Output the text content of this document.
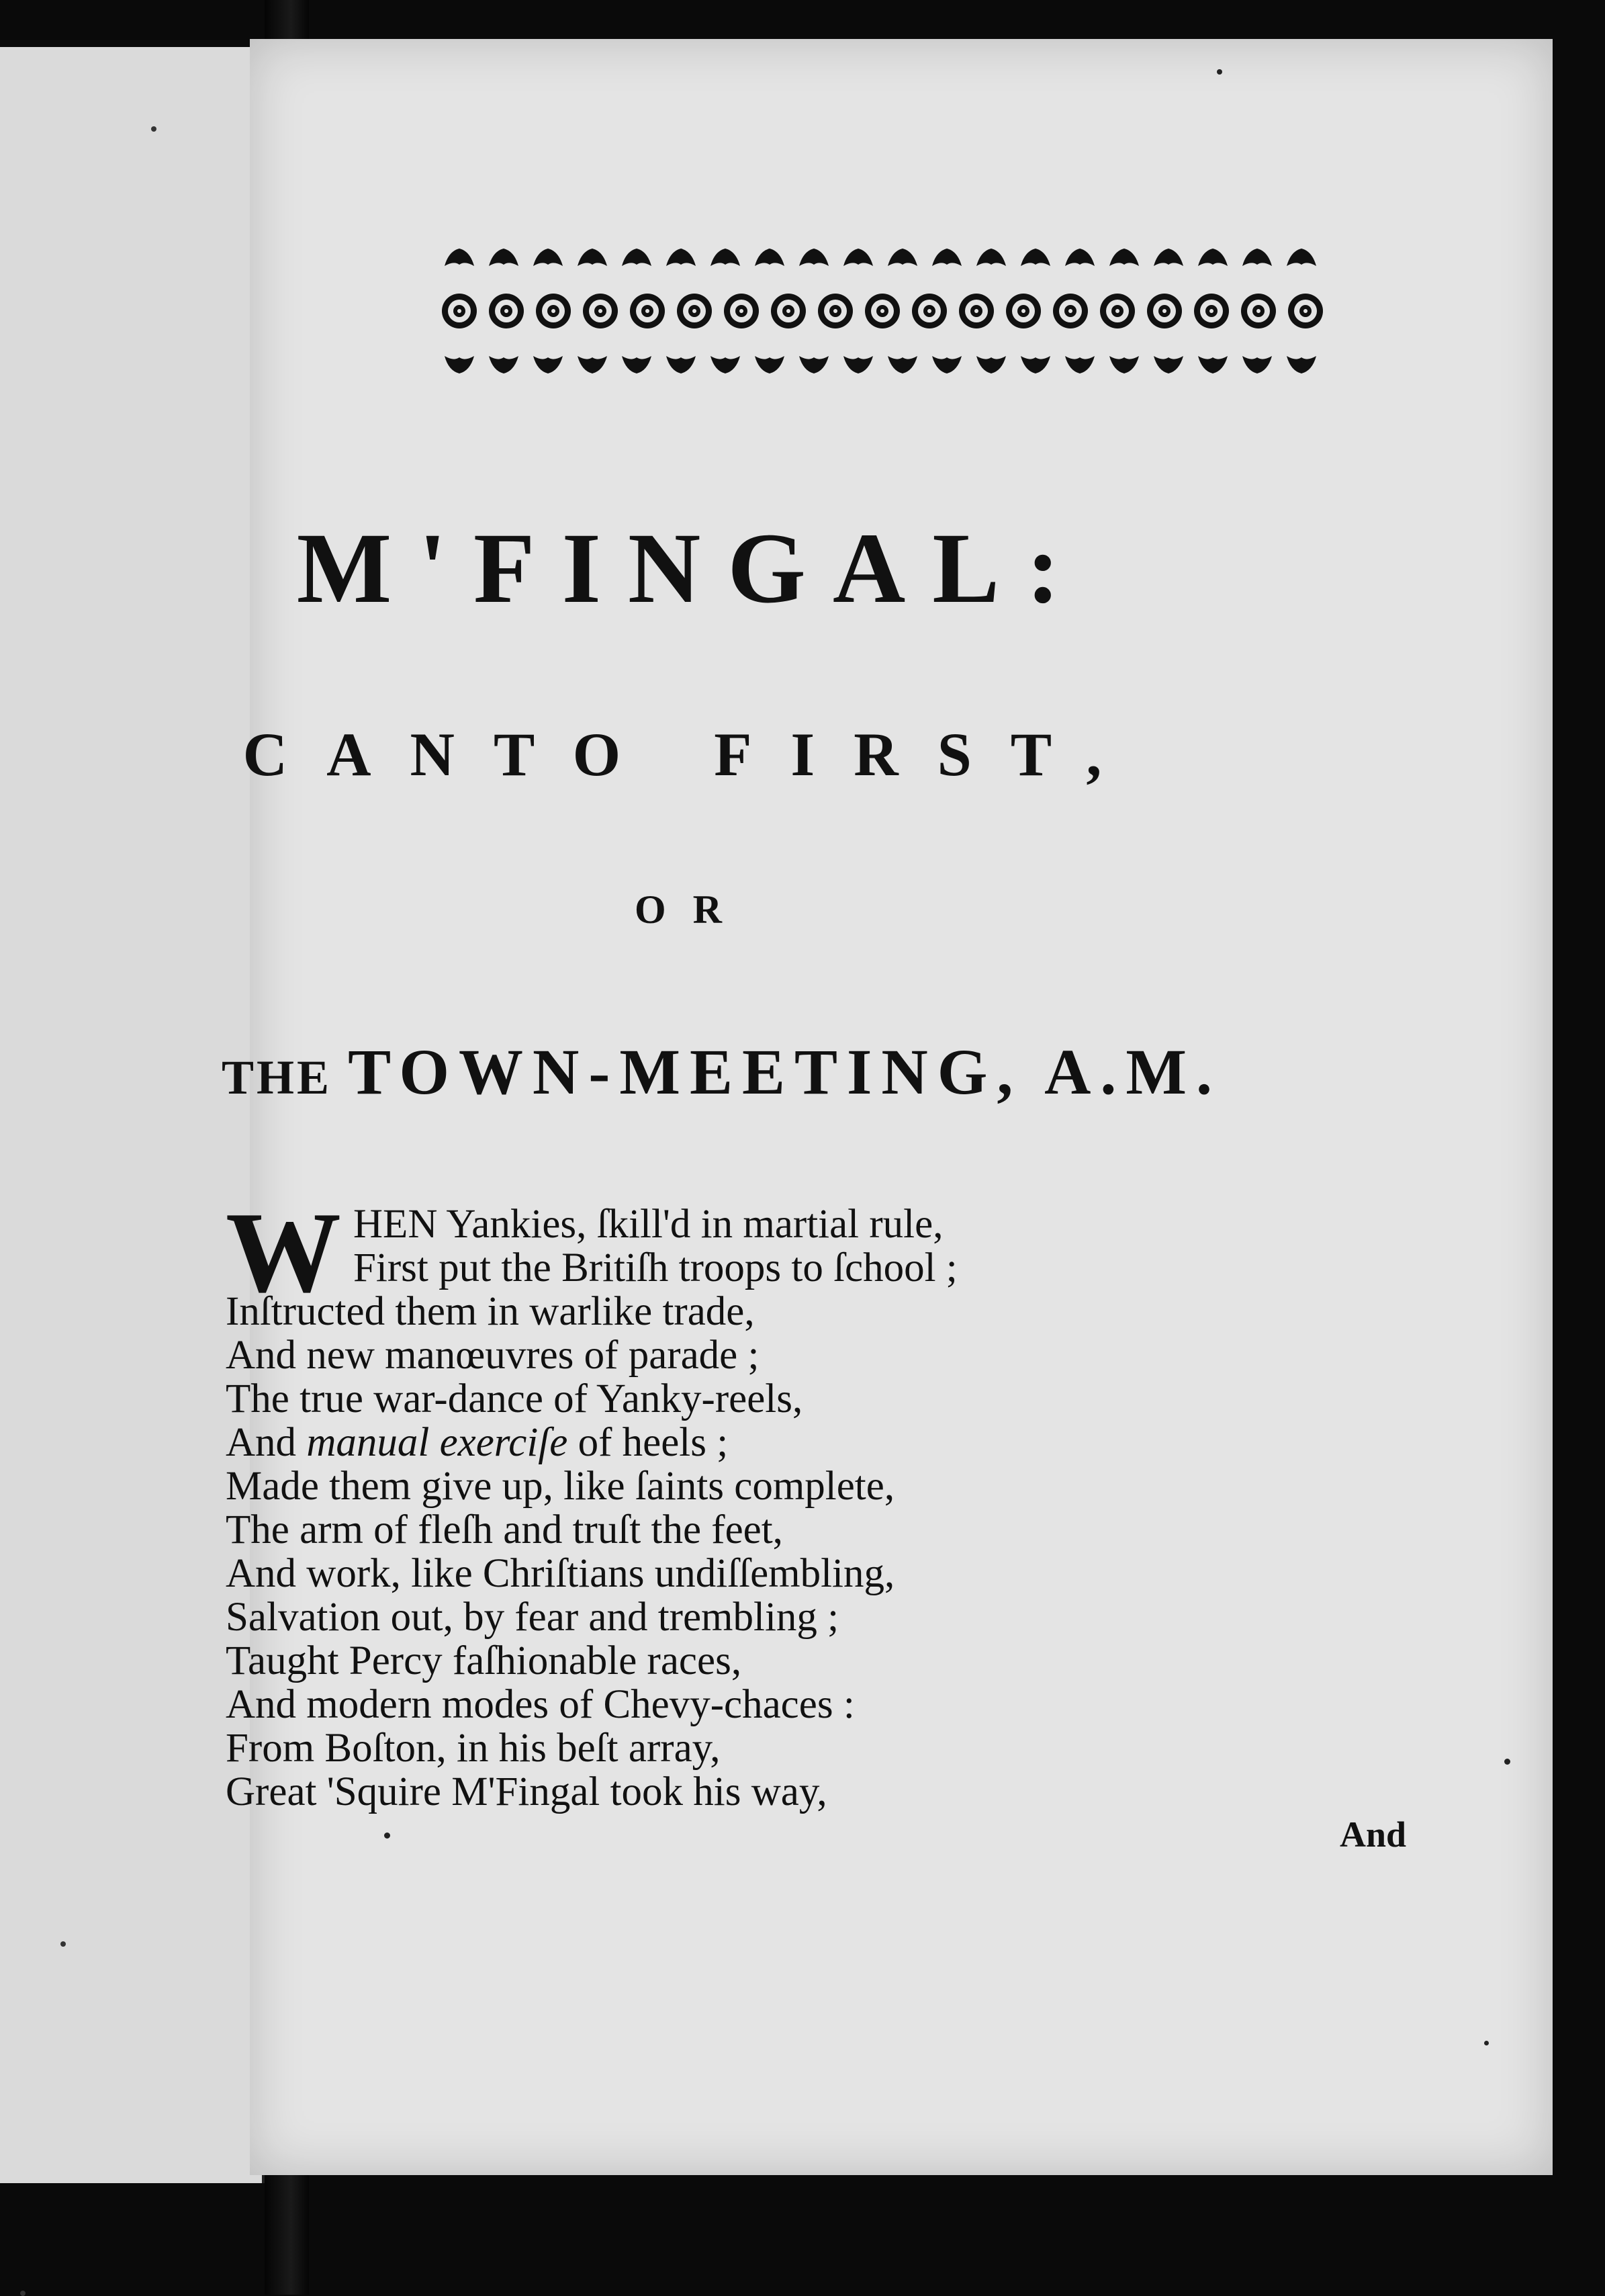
M'FINGAL:
CANTO FIRST,
OR
THE TOWN-MEETING, A.M.
W HEN Yankies, ſkill'd in martial rule,
First put the Britiſh troops to ſchool ;
Inſtructed them in warlike trade,
And new manœuvres of parade ;
The true war-dance of Yanky-reels,
And manual exerciſe of heels ;
Made them give up, like ſaints complete,
The arm of fleſh and truſt the feet,
And work, like Chriſtians undiſſembling,
Salvation out, by fear and trembling ;
Taught Percy faſhionable races,
And modern modes of Chevy-chaces :
From Boſton, in his beſt array,
Great 'Squire M'Fingal took his way,
And
